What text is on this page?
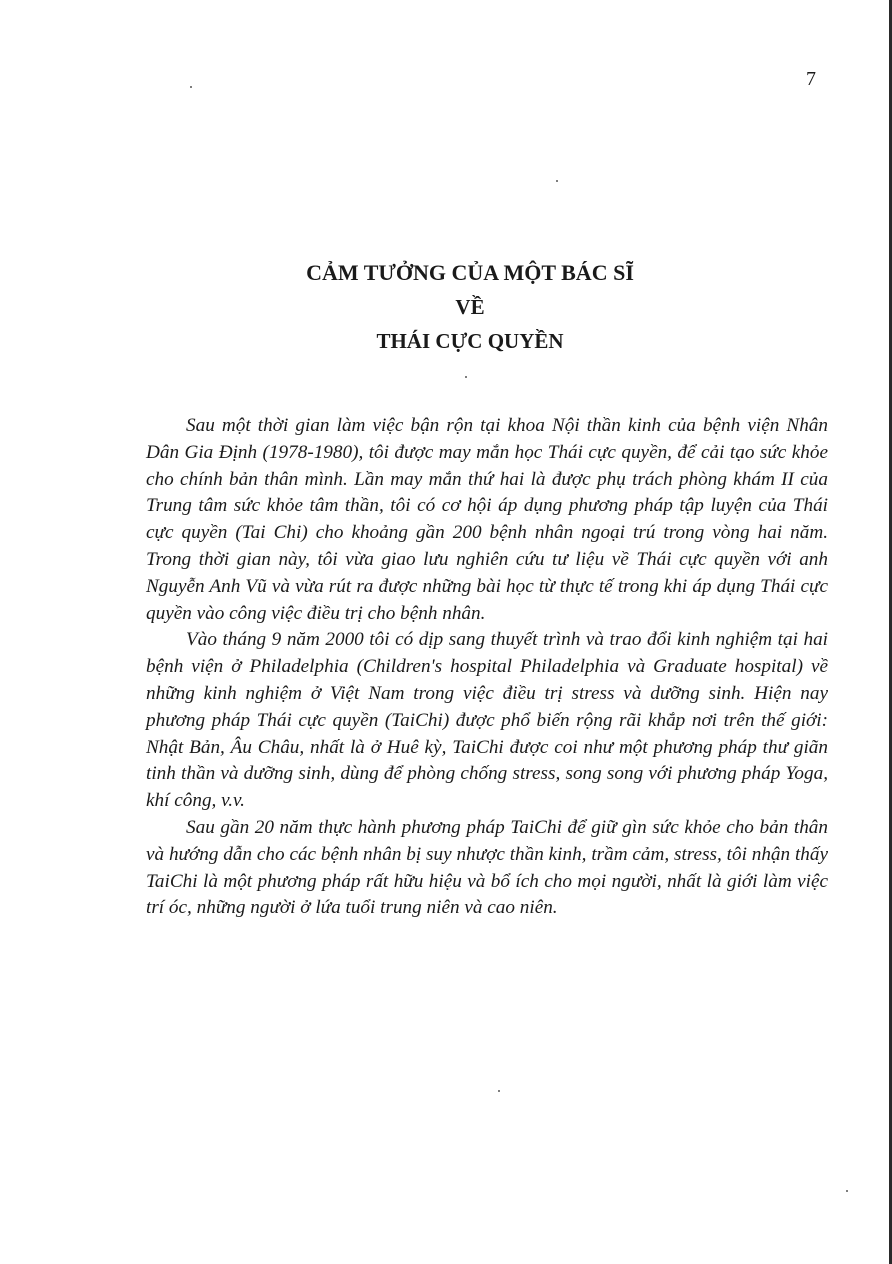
7
CẢM TƯỞNG CỦA MỘT BÁC SĨ
VỀ
THÁI CỰC QUYỀN

Sau một thời gian làm việc bận rộn tại khoa Nội thần kinh của bệnh viện Nhân Dân Gia Định (1978-1980), tôi được may mắn học Thái cực quyền, để cải tạo sức khỏe cho chính bản thân mình. Lần may mắn thứ hai là được phụ trách phòng khám II của Trung tâm sức khỏe tâm thần, tôi có cơ hội áp dụng phương pháp tập luyện của Thái cực quyền (Tai Chi) cho khoảng gần 200 bệnh nhân ngoại trú trong vòng hai năm. Trong thời gian này, tôi vừa giao lưu nghiên cứu tư liệu về Thái cực quyền với anh Nguyễn Anh Vũ và vừa rút ra được những bài học từ thực tế trong khi áp dụng Thái cực quyền vào công việc điều trị cho bệnh nhân.

Vào tháng 9 năm 2000 tôi có dịp sang thuyết trình và trao đổi kinh nghiệm tại hai bệnh viện ở Philadelphia (Children's hospital Philadelphia và Graduate hospital) về những kinh nghiệm ở Việt Nam trong việc điều trị stress và dưỡng sinh. Hiện nay phương pháp Thái cực quyền (TaiChi) được phổ biến rộng rãi khắp nơi trên thế giới: Nhật Bản, Âu Châu, nhất là ở Huê kỳ, TaiChi được coi như một phương pháp thư giãn tinh thần và dưỡng sinh, dùng để phòng chống stress, song song với phương pháp Yoga, khí công, v.v.

Sau gần 20 năm thực hành phương pháp TaiChi để giữ gìn sức khỏe cho bản thân và hướng dẫn cho các bệnh nhân bị suy nhược thần kinh, trầm cảm, stress, tôi nhận thấy TaiChi là một phương pháp rất hữu hiệu và bổ ích cho mọi người, nhất là giới làm việc trí óc, những người ở lứa tuổi trung niên và cao niên.
